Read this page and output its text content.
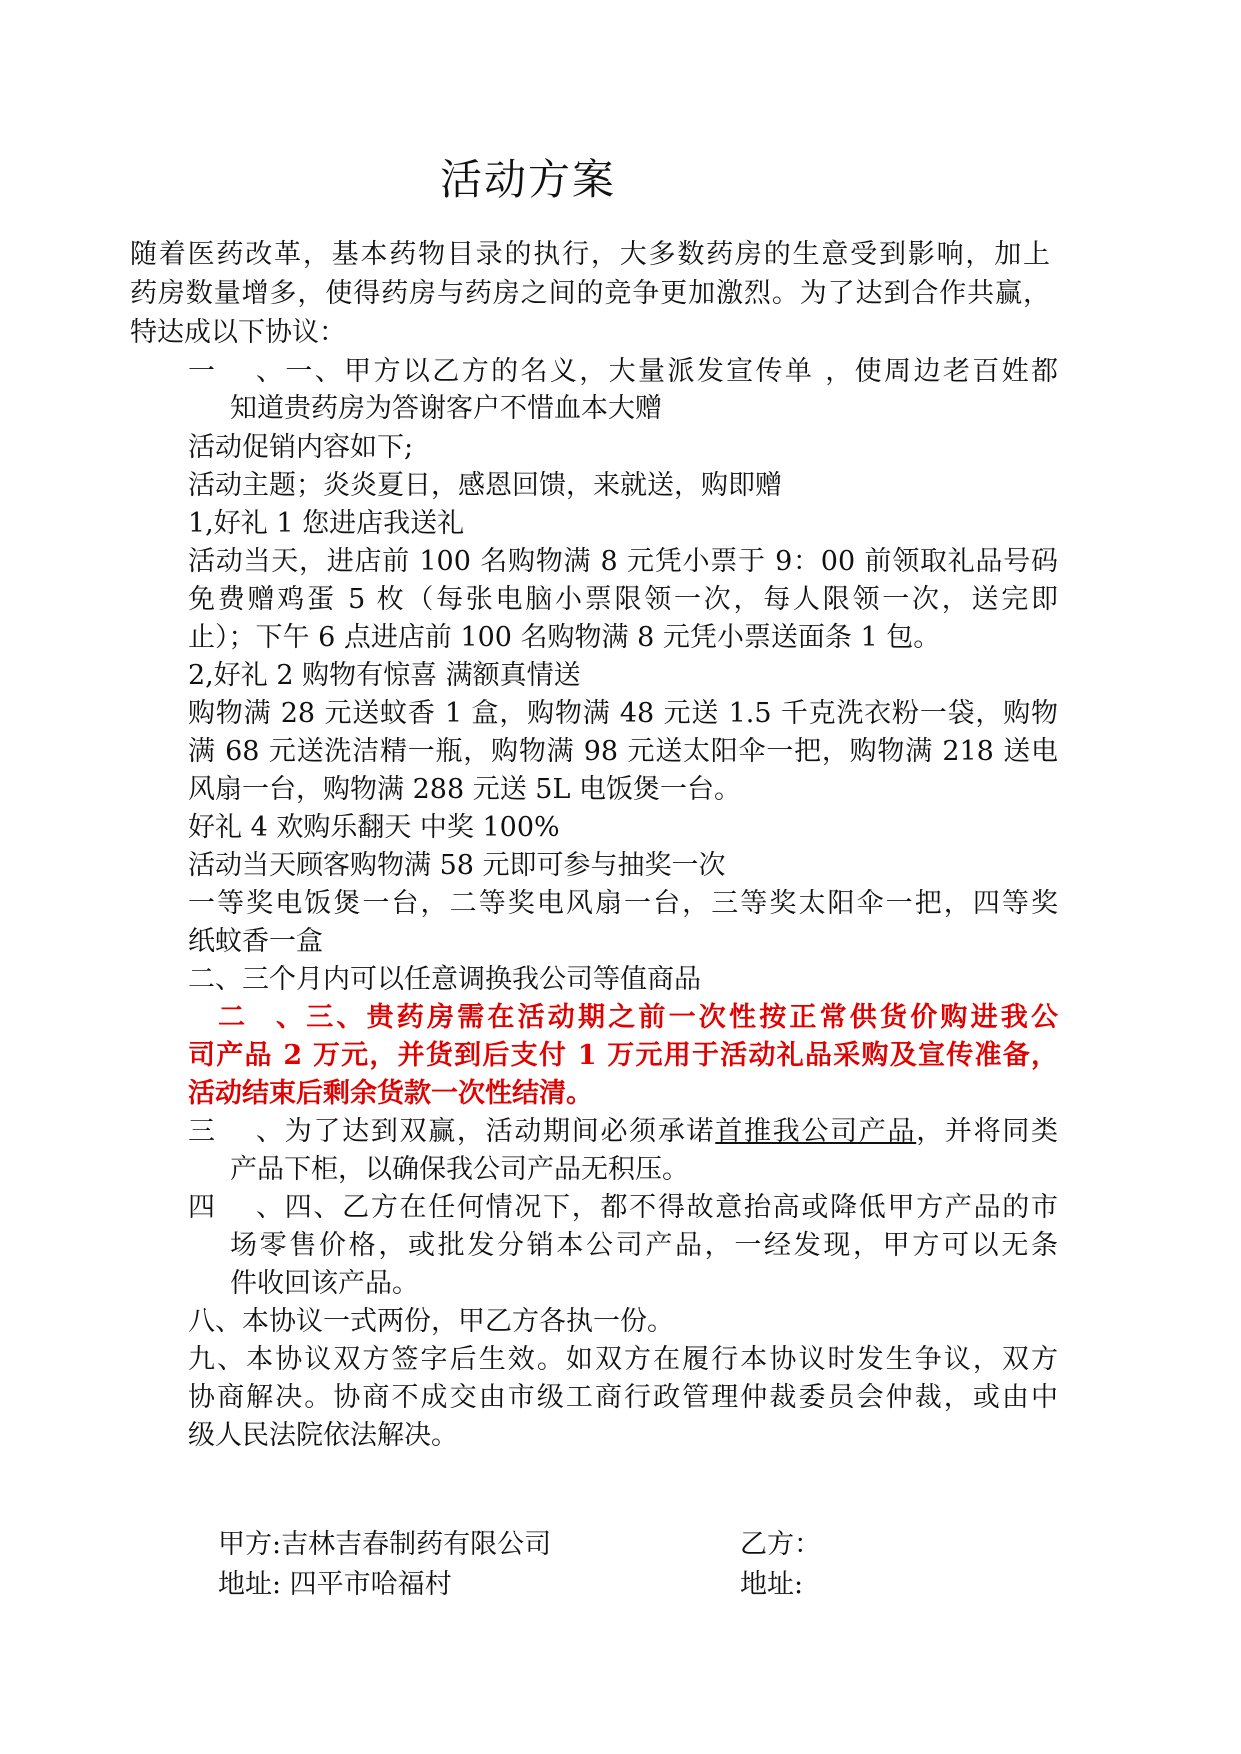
活动方案
随着医药改革，基本药物目录的执行，大多数药房的生意受到影响，加上
药房数量增多，使得药房与药房之间的竞争更加激烈。为了达到合作共赢，
特达成以下协议：
一、一、甲方以乙方的名义，大量派发宣传单 ，使周边老百姓都
知道贵药房为答谢客户不惜血本大赠
活动促销内容如下;
活动主题；炎炎夏日，感恩回馈，来就送，购即赠
1,好礼 1 您进店我送礼
活动当天，进店前 100 名购物满 8 元凭小票于 9：00 前领取礼品号码
免费赠鸡蛋 5 枚（每张电脑小票限领一次，每人限领一次，送完即
止）；下午 6 点进店前 100 名购物满 8 元凭小票送面条 1 包。
2,好礼 2 购物有惊喜 满额真情送
购物满 28 元送蚊香 1 盒，购物满 48 元送 1.5 千克洗衣粉一袋，购物
满 68 元送洗洁精一瓶，购物满 98 元送太阳伞一把，购物满 218 送电
风扇一台，购物满 288 元送 5L 电饭煲一台。
好礼 4 欢购乐翻天 中奖 100%
活动当天顾客购物满 58 元即可参与抽奖一次
一等奖电饭煲一台，二等奖电风扇一台，三等奖太阳伞一把，四等奖
纸蚊香一盒
二、三个月内可以任意调换我公司等值商品
二、三、贵药房需在活动期之前一次性按正常供货价购进我公
司产品 2 万元，并货到后支付 1 万元用于活动礼品采购及宣传准备，
活动结束后剩余货款一次性结清。
三、为了达到双赢，活动期间必须承诺首推我公司产品，并将同类
产品下柜，以确保我公司产品无积压。
四、四、乙方在任何情况下，都不得故意抬高或降低甲方产品的市
场零售价格，或批发分销本公司产品，一经发现，甲方可以无条
件收回该产品。
八、本协议一式两份，甲乙方各执一份。
九、本协议双方签字后生效。如双方在履行本协议时发生争议，双方
协商解决。协商不成交由市级工商行政管理仲裁委员会仲裁，或由中
级人民法院依法解决。
甲方:吉林吉春制药有限公司	乙方：
地址: 四平市哈福村	地址:
